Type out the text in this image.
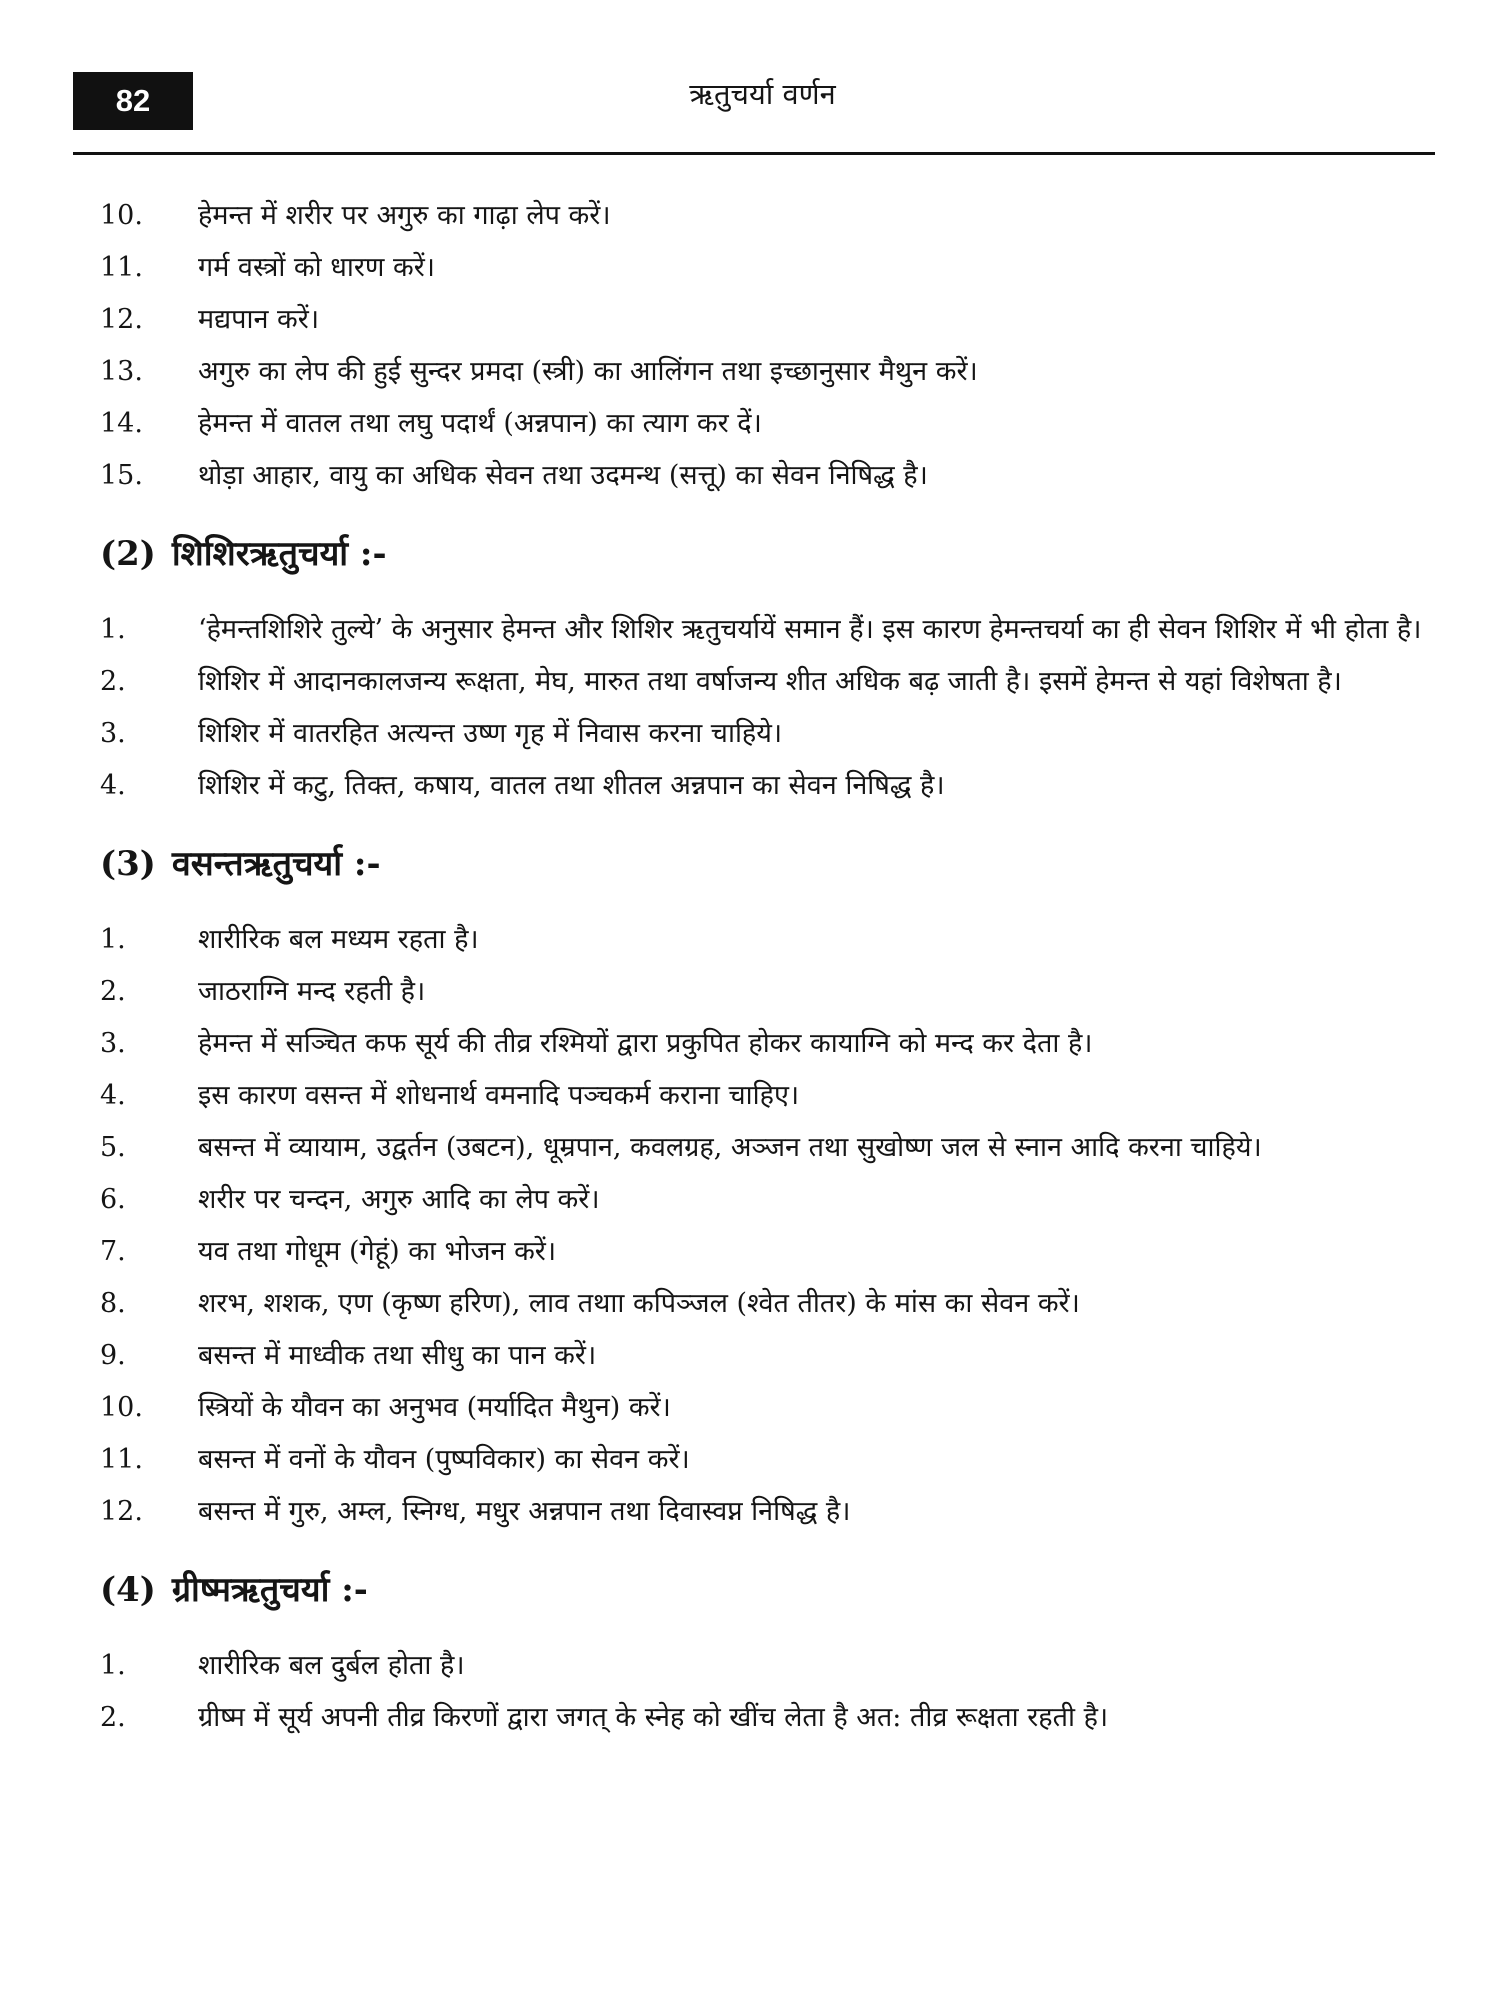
82	ऋतुचर्या वर्णन
10.	हेमन्त में शरीर पर अगुरु का गाढ़ा लेप करें।
11.	गर्म वस्त्रों को धारण करें।
12.	मद्यपान करें।
13.	अगुरु का लेप की हुई सुन्दर प्रमदा (स्त्री) का आलिंगन तथा इच्छानुसार मैथुन करें।
14.	हेमन्त में वातल तथा लघु पदार्थं (अन्नपान) का त्याग कर दें।
15.	थोड़ा आहार, वायु का अधिक सेवन तथा उदमन्थ (सत्तू) का सेवन निषिद्ध है।
(2) शिशिरऋतुचर्या :-
1.	‘हेमन्तशिशिरे तुल्ये’ के अनुसार हेमन्त और शिशिर ऋतुचर्यायें समान हैं। इस कारण हेमन्तचर्या का ही सेवन शिशिर में भी होता है।
2.	शिशिर में आदानकालजन्य रूक्षता, मेघ, मारुत तथा वर्षाजन्य शीत अधिक बढ़ जाती है। इसमें हेमन्त से यहां विशेषता है।
3.	शिशिर में वातरहित अत्यन्त उष्ण गृह में निवास करना चाहिये।
4.	शिशिर में कटु, तिक्त, कषाय, वातल तथा शीतल अन्नपान का सेवन निषिद्ध है।
(3) वसन्तऋतुचर्या :-
1.	शारीरिक बल मध्यम रहता है।
2.	जाठराग्नि मन्द रहती है।
3.	हेमन्त में सञ्चित कफ सूर्य की तीव्र रश्मियों द्वारा प्रकुपित होकर कायाग्नि को मन्द कर देता है।
4.	इस कारण वसन्त में शोधनार्थ वमनादि पञ्चकर्म कराना चाहिए।
5.	बसन्त में व्यायाम, उद्वर्तन (उबटन), धूम्रपान, कवलग्रह, अञ्जन तथा सुखोष्ण जल से स्नान आदि करना चाहिये।
6.	शरीर पर चन्दन, अगुरु आदि का लेप करें।
7.	यव तथा गोधूम (गेहूं) का भोजन करें।
8.	शरभ, शशक, एण (कृष्ण हरिण), लाव तथाा कपिञ्जल (श्वेत तीतर) के मांस का सेवन करें।
9.	बसन्त में माध्वीक तथा सीधु का पान करें।
10.	स्त्रियों के यौवन का अनुभव (मर्यादित मैथुन) करें।
11.	बसन्त में वनों के यौवन (पुष्पविकार) का सेवन करें।
12.	बसन्त में गुरु, अम्ल, स्निग्ध, मधुर अन्नपान तथा दिवास्वप्न निषिद्ध है।
(4) ग्रीष्मऋतुचर्या :-
1.	शारीरिक बल दुर्बल होता है।
2.	ग्रीष्म में सूर्य अपनी तीव्र किरणों द्वारा जगत् के स्नेह को खींच लेता है अत: तीव्र रूक्षता रहती है।
